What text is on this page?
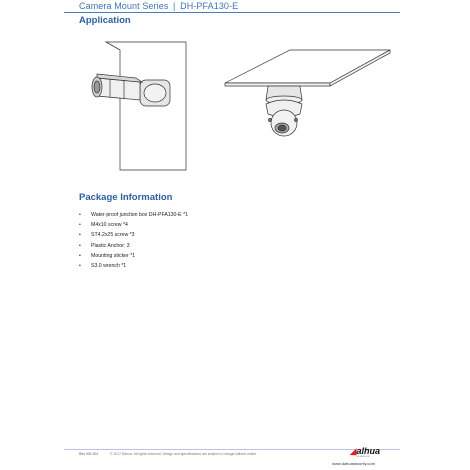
Camera Mount Series | DH-PFA130-E
Application
Package Information
• Water-proof junction box DH-PFA130-E *1
• M4x10 screw *4
• ST4.2x25 screw *3
• Plastic Anchor: 3
• Mounting sticker *1
• S3.0 wrench *1
Rev 001.001	© 2017 Dahua. All rights reserved. Design and specifications are subject to change without notice.	◢alhua
TECHNOLOGY
www.dahuasecurity.com
